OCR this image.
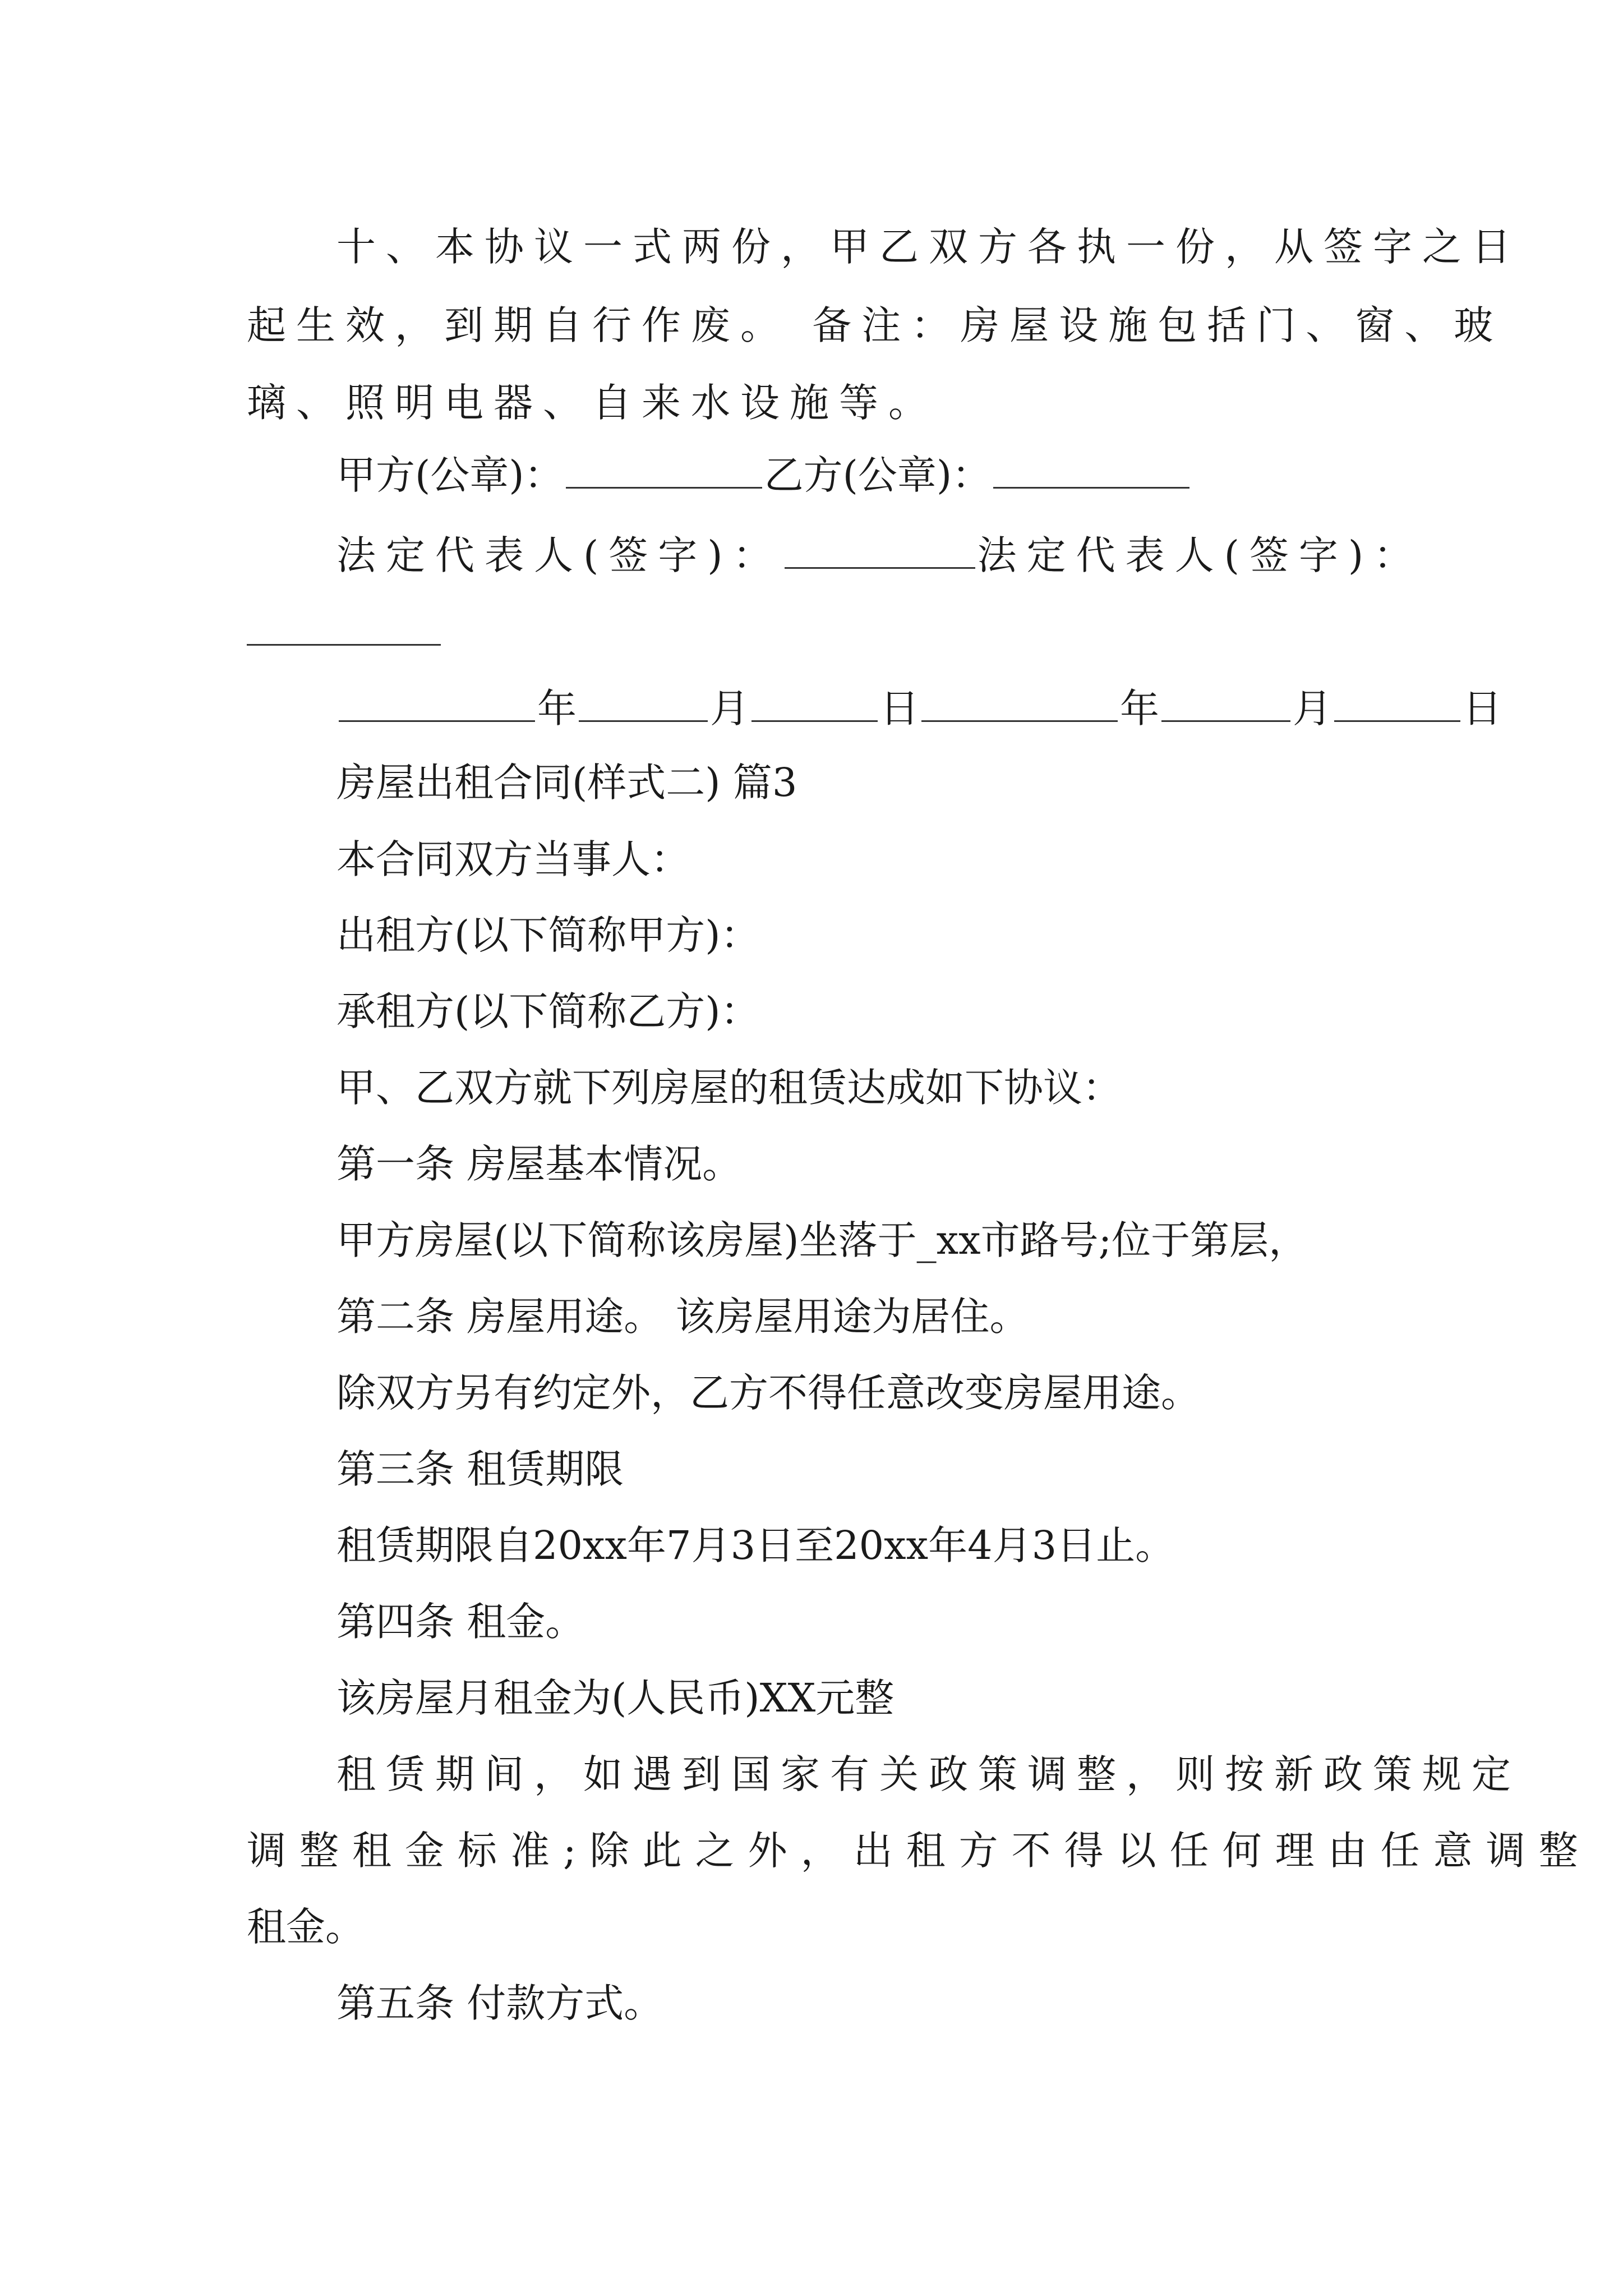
十、本协议一式两份，甲乙双方各执一份，从签字之日
起生效，到期自行作废。 备注：房屋设施包括门、窗、玻
璃、照明电器、自来水设施等。
甲方(公章)：	乙方(公章)：
法定代表人(签字)：	法定代表人(签字)：
年	月	日	年	月	日
房屋出租合同(样式二) 篇3
本合同双方当事人：
出租方(以下简称甲方)：
承租方(以下简称乙方)：
甲、乙双方就下列房屋的租赁达成如下协议：
第一条 房屋基本情况。
甲方房屋(以下简称该房屋)坐落于_xx市路号;位于第层，
第二条 房屋用途。 该房屋用途为居住。
除双方另有约定外，乙方不得任意改变房屋用途。
第三条 租赁期限
租赁期限自20xx年7月3日至20xx年4月3日止。
第四条 租金。
该房屋月租金为(人民币)XX元整
租赁期间，如遇到国家有关政策调整，则按新政策规定
调整租金标准;除此之外，出租方不得以任何理由任意调整
租金。
第五条 付款方式。
